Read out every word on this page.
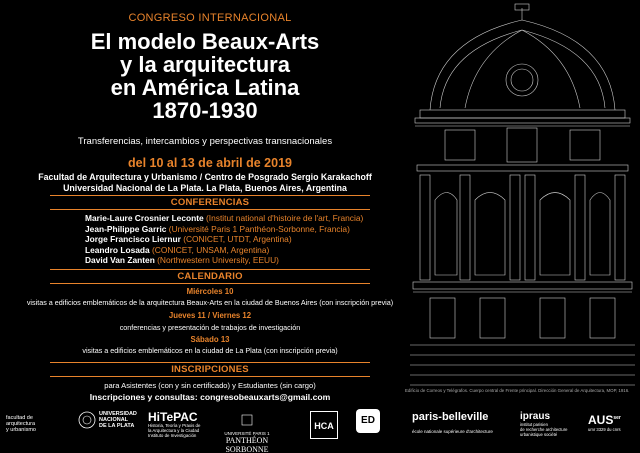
CONGRESO INTERNACIONAL
El modelo Beaux-Arts
y la arquitectura
en América Latina
1870-1930
Transferencias, intercambios y perspectivas transnacionales
del 10 al 13 de abril de 2019
Facultad de Arquitectura y Urbanismo / Centro de Posgrado Sergio Karakachoff
Universidad Nacional de La Plata. La Plata, Buenos Aires, Argentina
CONFERENCIAS
Marie-Laure Crosnier Leconte (Institut national d'histoire de l'art, Francia)
Jean-Philippe Garric (Université Paris 1 Panthéon-Sorbonne, Francia)
Jorge Francisco Liernur (CONICET, UTDT, Argentina)
Leandro Losada (CONICET, UNSAM, Argentina)
David Van Zanten (Northwestern University, EEUU)
CALENDARIO
Miércoles 10
visitas a edificios emblemáticos de la arquitectura Beaux-Arts en la ciudad de Buenos Aires (con inscripción previa)
Jueves 11 / Viernes 12
conferencias y presentación de trabajos de investigación
Sábado 13
visitas a edificios emblemáticos en la ciudad de La Plata (con inscripción previa)
INSCRIPCIONES
para Asistentes (con y sin certificado) y Estudiantes (sin cargo)
Inscripciones y consultas: congresobeauxarts@gmail.com
Edificio de Correos y Telégrafos. Cuerpo central de Frente principal. Dirección General de Arquitectura, MOP, 1916.
facultad de
arquitectura
y urbanismo
UNIVERSIDAD
NACIONAL
DE LA PLATA
HiTePAC
Historia, Teoría y Praxis de
la Arquitectura y la Ciudad
Instituto de Investigación	UNIVERSITÉ PARIS 1
PANTHÉON SORBONNE
HCA	ED	paris-belleville
école nationale supérieure d'architecture
ipraus
institut parisien
de recherche architecture
urbanistique société
$AUS^{ser}$
umr 3329 du cnrs
